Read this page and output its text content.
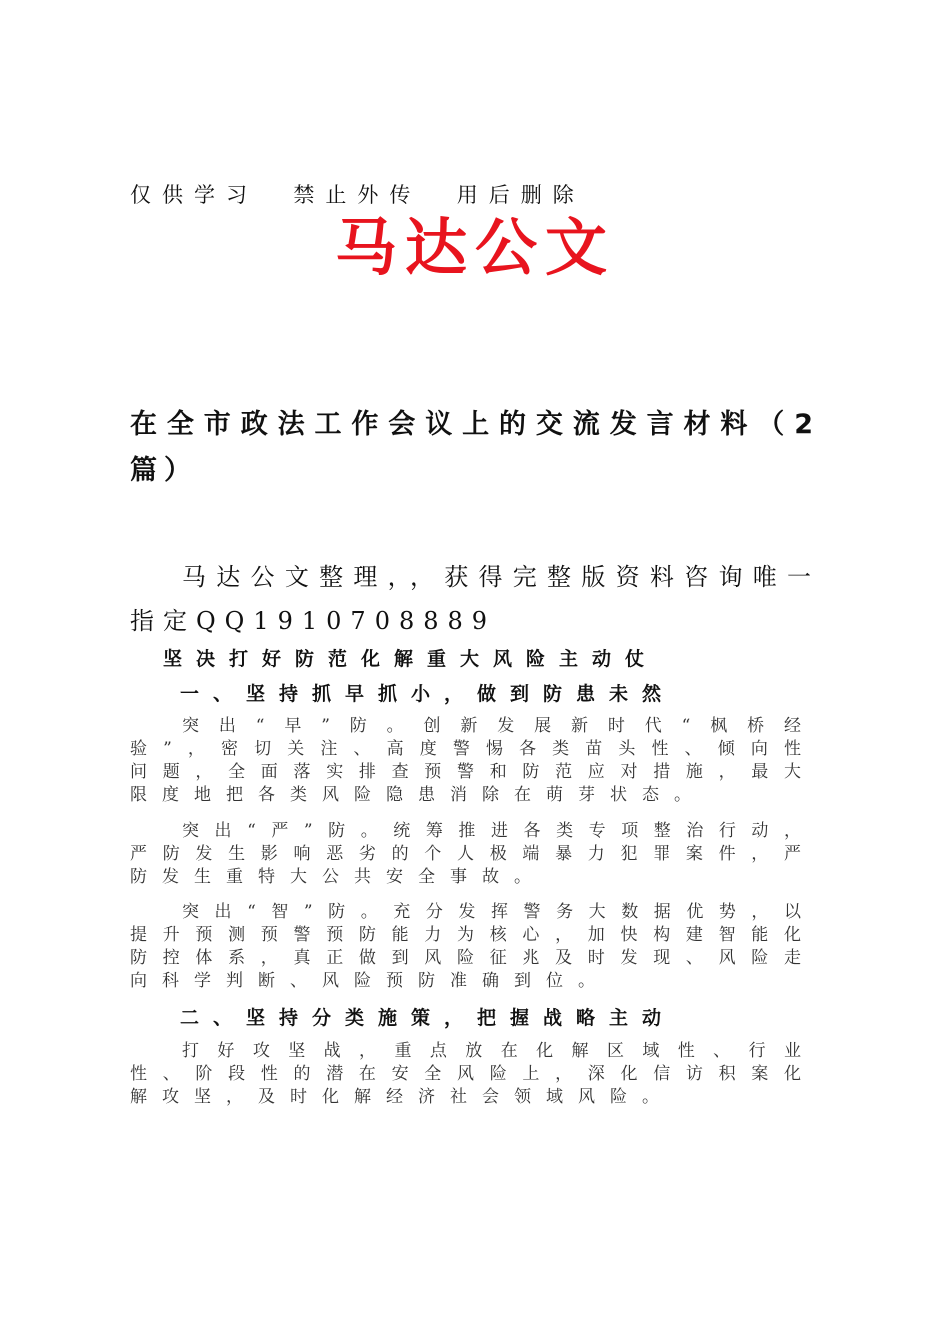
仅供学习  禁止外传  用后删除
马达公文
在全市政法工作会议上的交流发言材料（2篇）
马达公文整理，，获得完整版资料咨询唯一指定QQ1910708889
坚决打好防范化解重大风险主动仗
一、坚持抓早抓小，做到防患未然
突出“早”防。创新发展新时代“枫桥经验”，密切关注、高度警惕各类苗头性、倾向性问题，全面落实排查预警和防范应对措施，最大限度地把各类风险隐患消除在萌芽状态。
突出“严”防。统筹推进各类专项整治行动，严防发生影响恶劣的个人极端暴力犯罪案件，严防发生重特大公共安全事故。
突出“智”防。充分发挥警务大数据优势，以提升预测预警预防能力为核心，加快构建智能化防控体系，真正做到风险征兆及时发现、风险走向科学判断、风险预防准确到位。
二、坚持分类施策，把握战略主动
打好攻坚战，重点放在化解区域性、行业性、阶段性的潜在安全风险上，深化信访积案化解攻坚，及时化解经济社会领域风险。
